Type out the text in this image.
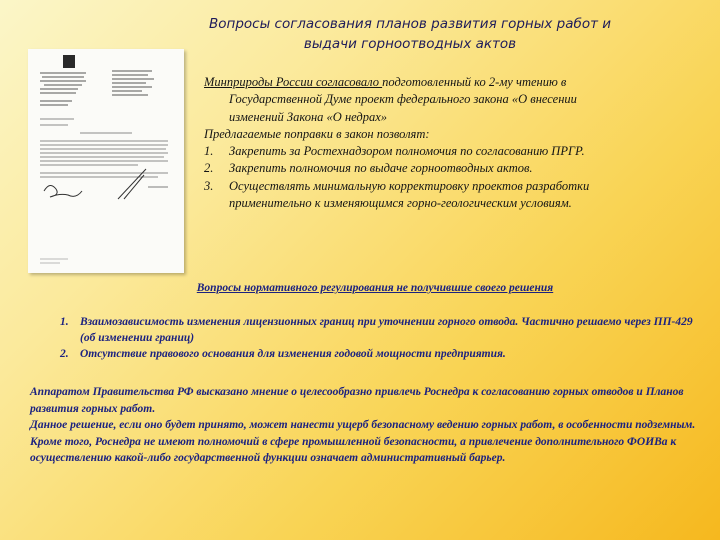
Вопросы согласования планов развития горных работ и
выдачи горноотводных актов

Минприроды России согласовало подготовленный ко 2-му чтению в

Государственной Думе проект федерального закона «О внесении

изменений Закона «О недрах»

Предлагаемые поправки в закон позволят:

1.	Закрепить за Ростехнадзором полномочия по согласованию ПРГР.
2.	Закрепить полномочия по выдаче горноотводных актов.
3.	Осуществлять минимальную корректировку проектов разработки
применительно к изменяющимся горно-геологическим условиям.
Вопросы нормативного регулирования не получившие своего решения
1. Взаимозависимость изменения лицензионных границ при уточнении горного отвода. Частично решаемо через ПП-429 (об изменении границ)
2. Отсутствие правового основания для изменения годовой мощности предприятия.

Аппаратом Правительства РФ высказано мнение о целесообразно привлечь Роснедра к согласованию горных отводов и Планов развития горных работ.

Данное решение, если оно будет принято, может нанести ущерб безопасному ведению горных работ, в особенности подземным. Кроме того, Роснедра не имеют полномочий в сфере промышленной безопасности, а привлечение дополнительного ФОИВа к осуществлению какой-либо государственной функции означает административный барьер.
